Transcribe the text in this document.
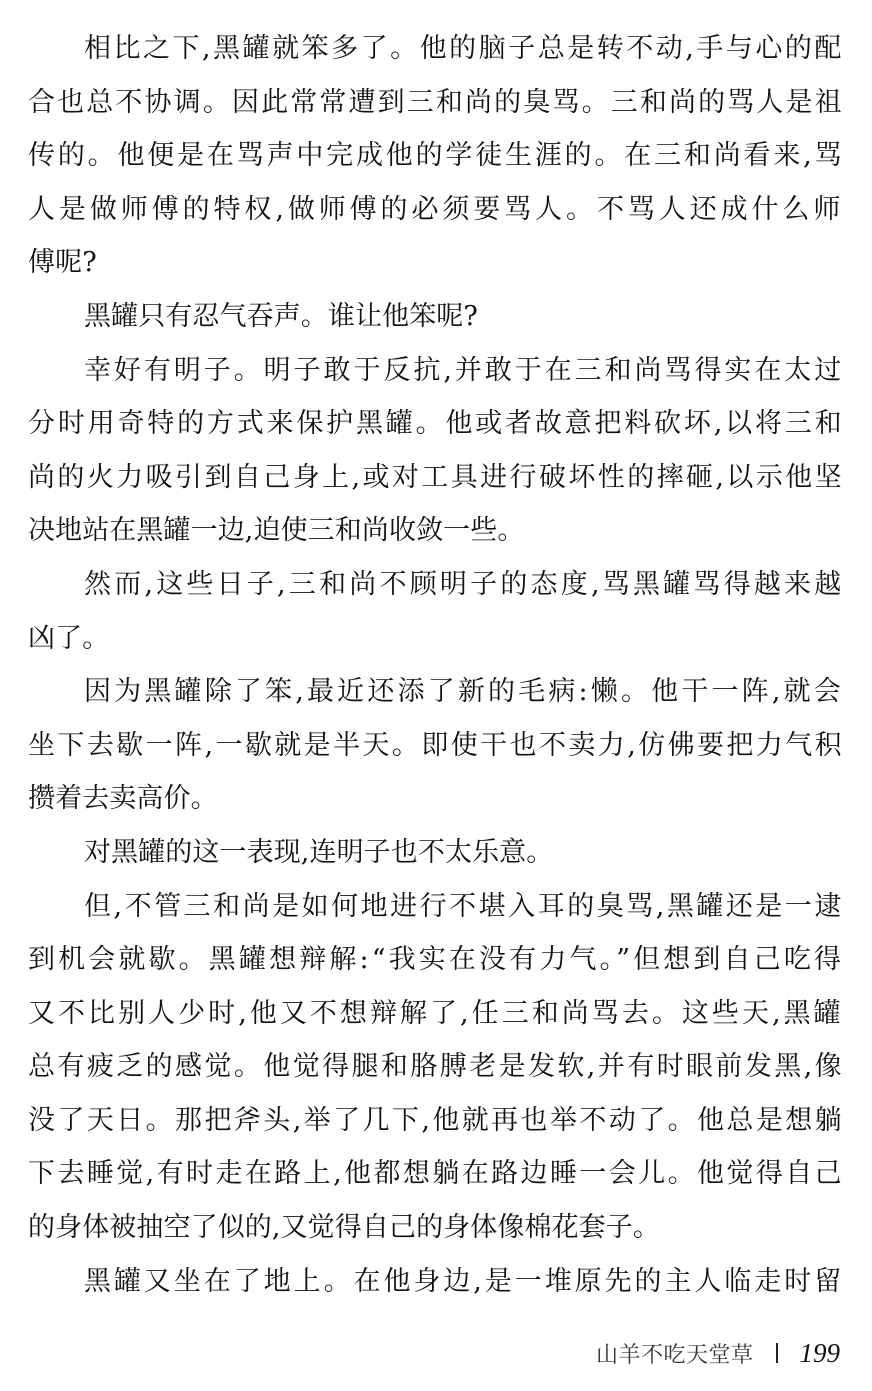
相比之下,黑罐就笨多了。他的脑子总是转不动,手与心的配
合也总不协调。因此常常遭到三和尚的臭骂。三和尚的骂人是祖
传的。他便是在骂声中完成他的学徒生涯的。在三和尚看来,骂
人是做师傅的特权,做师傅的必须要骂人。不骂人还成什么师
傅呢?
黑罐只有忍气吞声。谁让他笨呢?
幸好有明子。明子敢于反抗,并敢于在三和尚骂得实在太过
分时用奇特的方式来保护黑罐。他或者故意把料砍坏,以将三和
尚的火力吸引到自己身上,或对工具进行破坏性的摔砸,以示他坚
决地站在黑罐一边,迫使三和尚收敛一些。
然而,这些日子,三和尚不顾明子的态度,骂黑罐骂得越来越
凶了。
因为黑罐除了笨,最近还添了新的毛病:懒。他干一阵,就会
坐下去歇一阵,一歇就是半天。即使干也不卖力,仿佛要把力气积
攒着去卖高价。
对黑罐的这一表现,连明子也不太乐意。
但,不管三和尚是如何地进行不堪入耳的臭骂,黑罐还是一逮
到机会就歇。黑罐想辩解:“我实在没有力气。”但想到自己吃得
又不比别人少时,他又不想辩解了,任三和尚骂去。这些天,黑罐
总有疲乏的感觉。他觉得腿和胳膊老是发软,并有时眼前发黑,像
没了天日。那把斧头,举了几下,他就再也举不动了。他总是想躺
下去睡觉,有时走在路上,他都想躺在路边睡一会儿。他觉得自己
的身体被抽空了似的,又觉得自己的身体像棉花套子。
黑罐又坐在了地上。在他身边,是一堆原先的主人临走时留
山羊不吃天堂草 199
